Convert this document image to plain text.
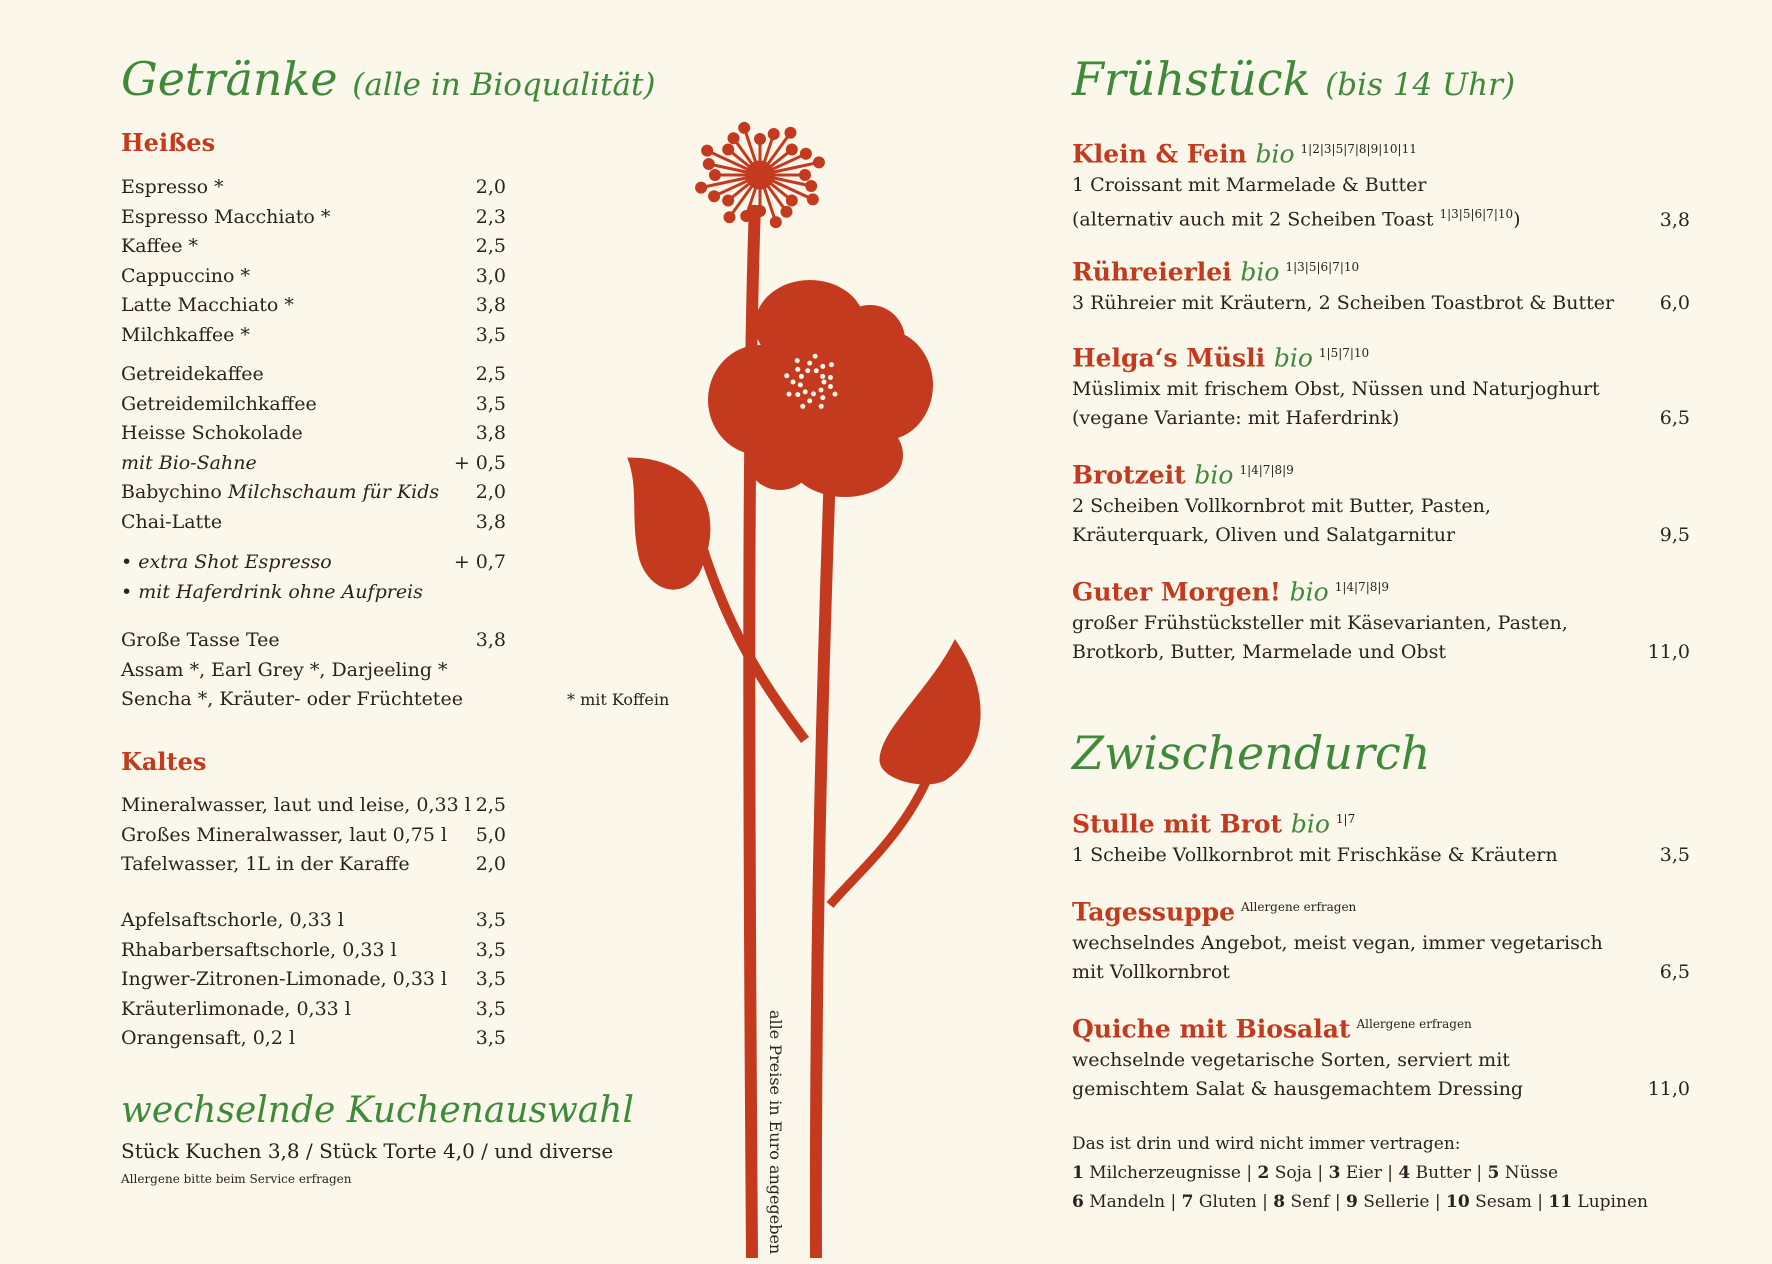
Getränke (alle in Bioqualität)
Heißes
Espresso *	2,0
Espresso Macchiato *	2,3
Kaffee *	2,5
Cappuccino *	3,0
Latte Macchiato *	3,8
Milchkaffee *	3,5
Getreidekaffee	2,5
Getreidemilchkaffee	3,5
Heisse Schokolade	3,8
mit Bio-Sahne	+ 0,5
Babychino Milchschaum für Kids 2,0
Chai-Latte	3,8
• extra Shot Espresso	+ 0,7
• mit Haferdrink ohne Aufpreis
Große Tasse Tee	3,8
Assam *, Earl Grey *, Darjeeling *
Sencha *, Kräuter- oder Früchtetee	* mit Koffein
Kaltes
Mineralwasser, laut und leise, 0,33 l 2,5
Großes Mineralwasser, laut 0,75 l 5,0
Tafelwasser, 1L in der Karaffe	2,0
Apfelsaftschorle, 0,33 l	3,5
Rhabarbersaftschorle, 0,33 l	3,5
Ingwer-Zitronen-Limonade, 0,33 l 3,5
Kräuterlimonade, 0,33 l	3,5
Orangensaft, 0,2 l	3,5
wechselnde Kuchenauswahl
Stück Kuchen 3,8 / Stück Torte 4,0 / und diverse
Allergene bitte beim Service erfragen	alle Preise in Euro angegeben
Frühstück (bis 14 Uhr)
Klein & Fein bio $^{1|2|3|5|7|8|9|10|11}$
1 Croissant mit Marmelade & Butter
(alternativ auch mit 2 Scheiben Toast $^{1|3|5|6|7|10}$)	3,8
Rühreierlei bio $^{1|3|5|6|7|10}$
3 Rühreier mit Kräutern, 2 Scheiben Toastbrot & Butter	6,0
Helga‘s Müsli bio $^{1|5|7|10}$
Müslimix mit frischem Obst, Nüssen und Naturjoghurt
(vegane Variante: mit Haferdrink)	6,5
Brotzeit bio $^{1|4|7|8|9}$
2 Scheiben Vollkornbrot mit Butter, Pasten,
Kräuterquark, Oliven und Salatgarnitur	9,5
Guter Morgen! bio $^{1|4|7|8|9}$
großer Frühstücksteller mit Käsevarianten, Pasten,
Brotkorb, Butter, Marmelade und Obst	11,0
Zwischendurch
Stulle mit Brot bio $^{1|7}$
1 Scheibe Vollkornbrot mit Frischkäse & Kräutern	3,5
Tagessuppe $^{Allergene erfragen}$
wechselndes Angebot, meist vegan, immer vegetarisch
mit Vollkornbrot	6,5
Quiche mit Biosalat $^{Allergene erfragen}$
wechselnde vegetarische Sorten, serviert mit
gemischtem Salat & hausgemachtem Dressing	11,0
Das ist drin und wird nicht immer vertragen:
1 Milcherzeugnisse | 2 Soja | 3 Eier | 4 Butter | 5 Nüsse
6 Mandeln | 7 Gluten | 8 Senf | 9 Sellerie | 10 Sesam | 11 Lupinen
